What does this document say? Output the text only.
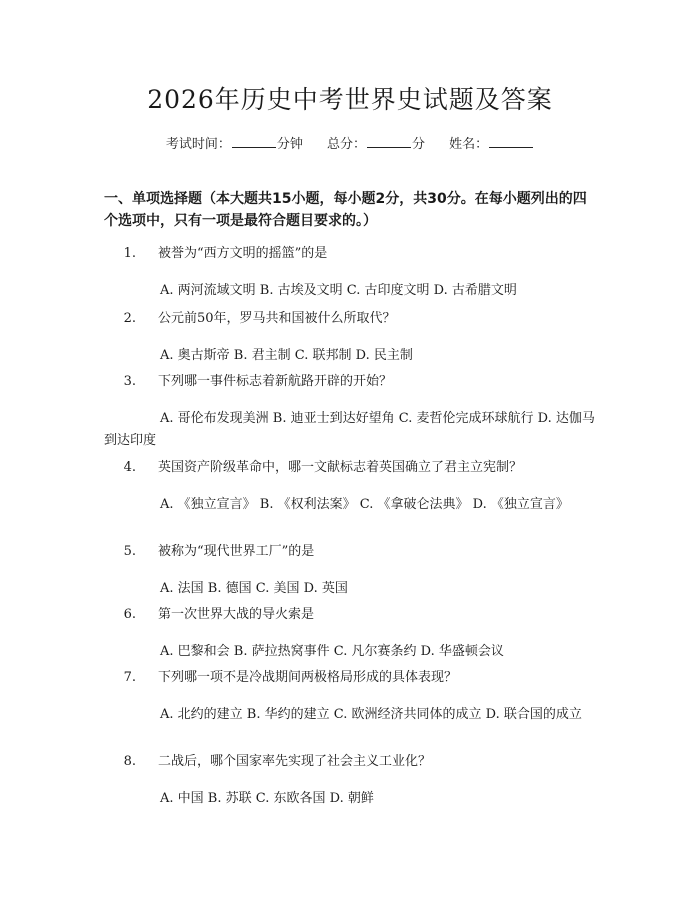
2026年历史中考世界史试题及答案
考试时间：	分钟 总分：	分 姓名：
一、单项选择题（本大题共15小题，每小题2分，共30分。在每小题列出的四个选项中，只有一项是最符合题目要求的。）
1. 被誉为“西方文明的摇篮”的是
A. 两河流域文明 B. 古埃及文明 C. 古印度文明 D. 古希腊文明
2. 公元前50年，罗马共和国被什么所取代？
A. 奥古斯帝 B. 君主制 C. 联邦制 D. 民主制
3. 下列哪一事件标志着新航路开辟的开始？
A. 哥伦布发现美洲 B. 迪亚士到达好望角 C. 麦哲伦完成环球航行 D. 达伽马到达印度
4. 英国资产阶级革命中，哪一文献标志着英国确立了君主立宪制？
A. 《独立宣言》 B. 《权利法案》 C. 《拿破仑法典》 D. 《独立宣言》
5. 被称为“现代世界工厂”的是
A. 法国 B. 德国 C. 美国 D. 英国
6. 第一次世界大战的导火索是
A. 巴黎和会 B. 萨拉热窝事件 C. 凡尔赛条约 D. 华盛顿会议
7. 下列哪一项不是冷战期间两极格局形成的具体表现？
A. 北约的建立 B. 华约的建立 C. 欧洲经济共同体的成立 D. 联合国的成立
8. 二战后，哪个国家率先实现了社会主义工业化？
A. 中国 B. 苏联 C. 东欧各国 D. 朝鲜
